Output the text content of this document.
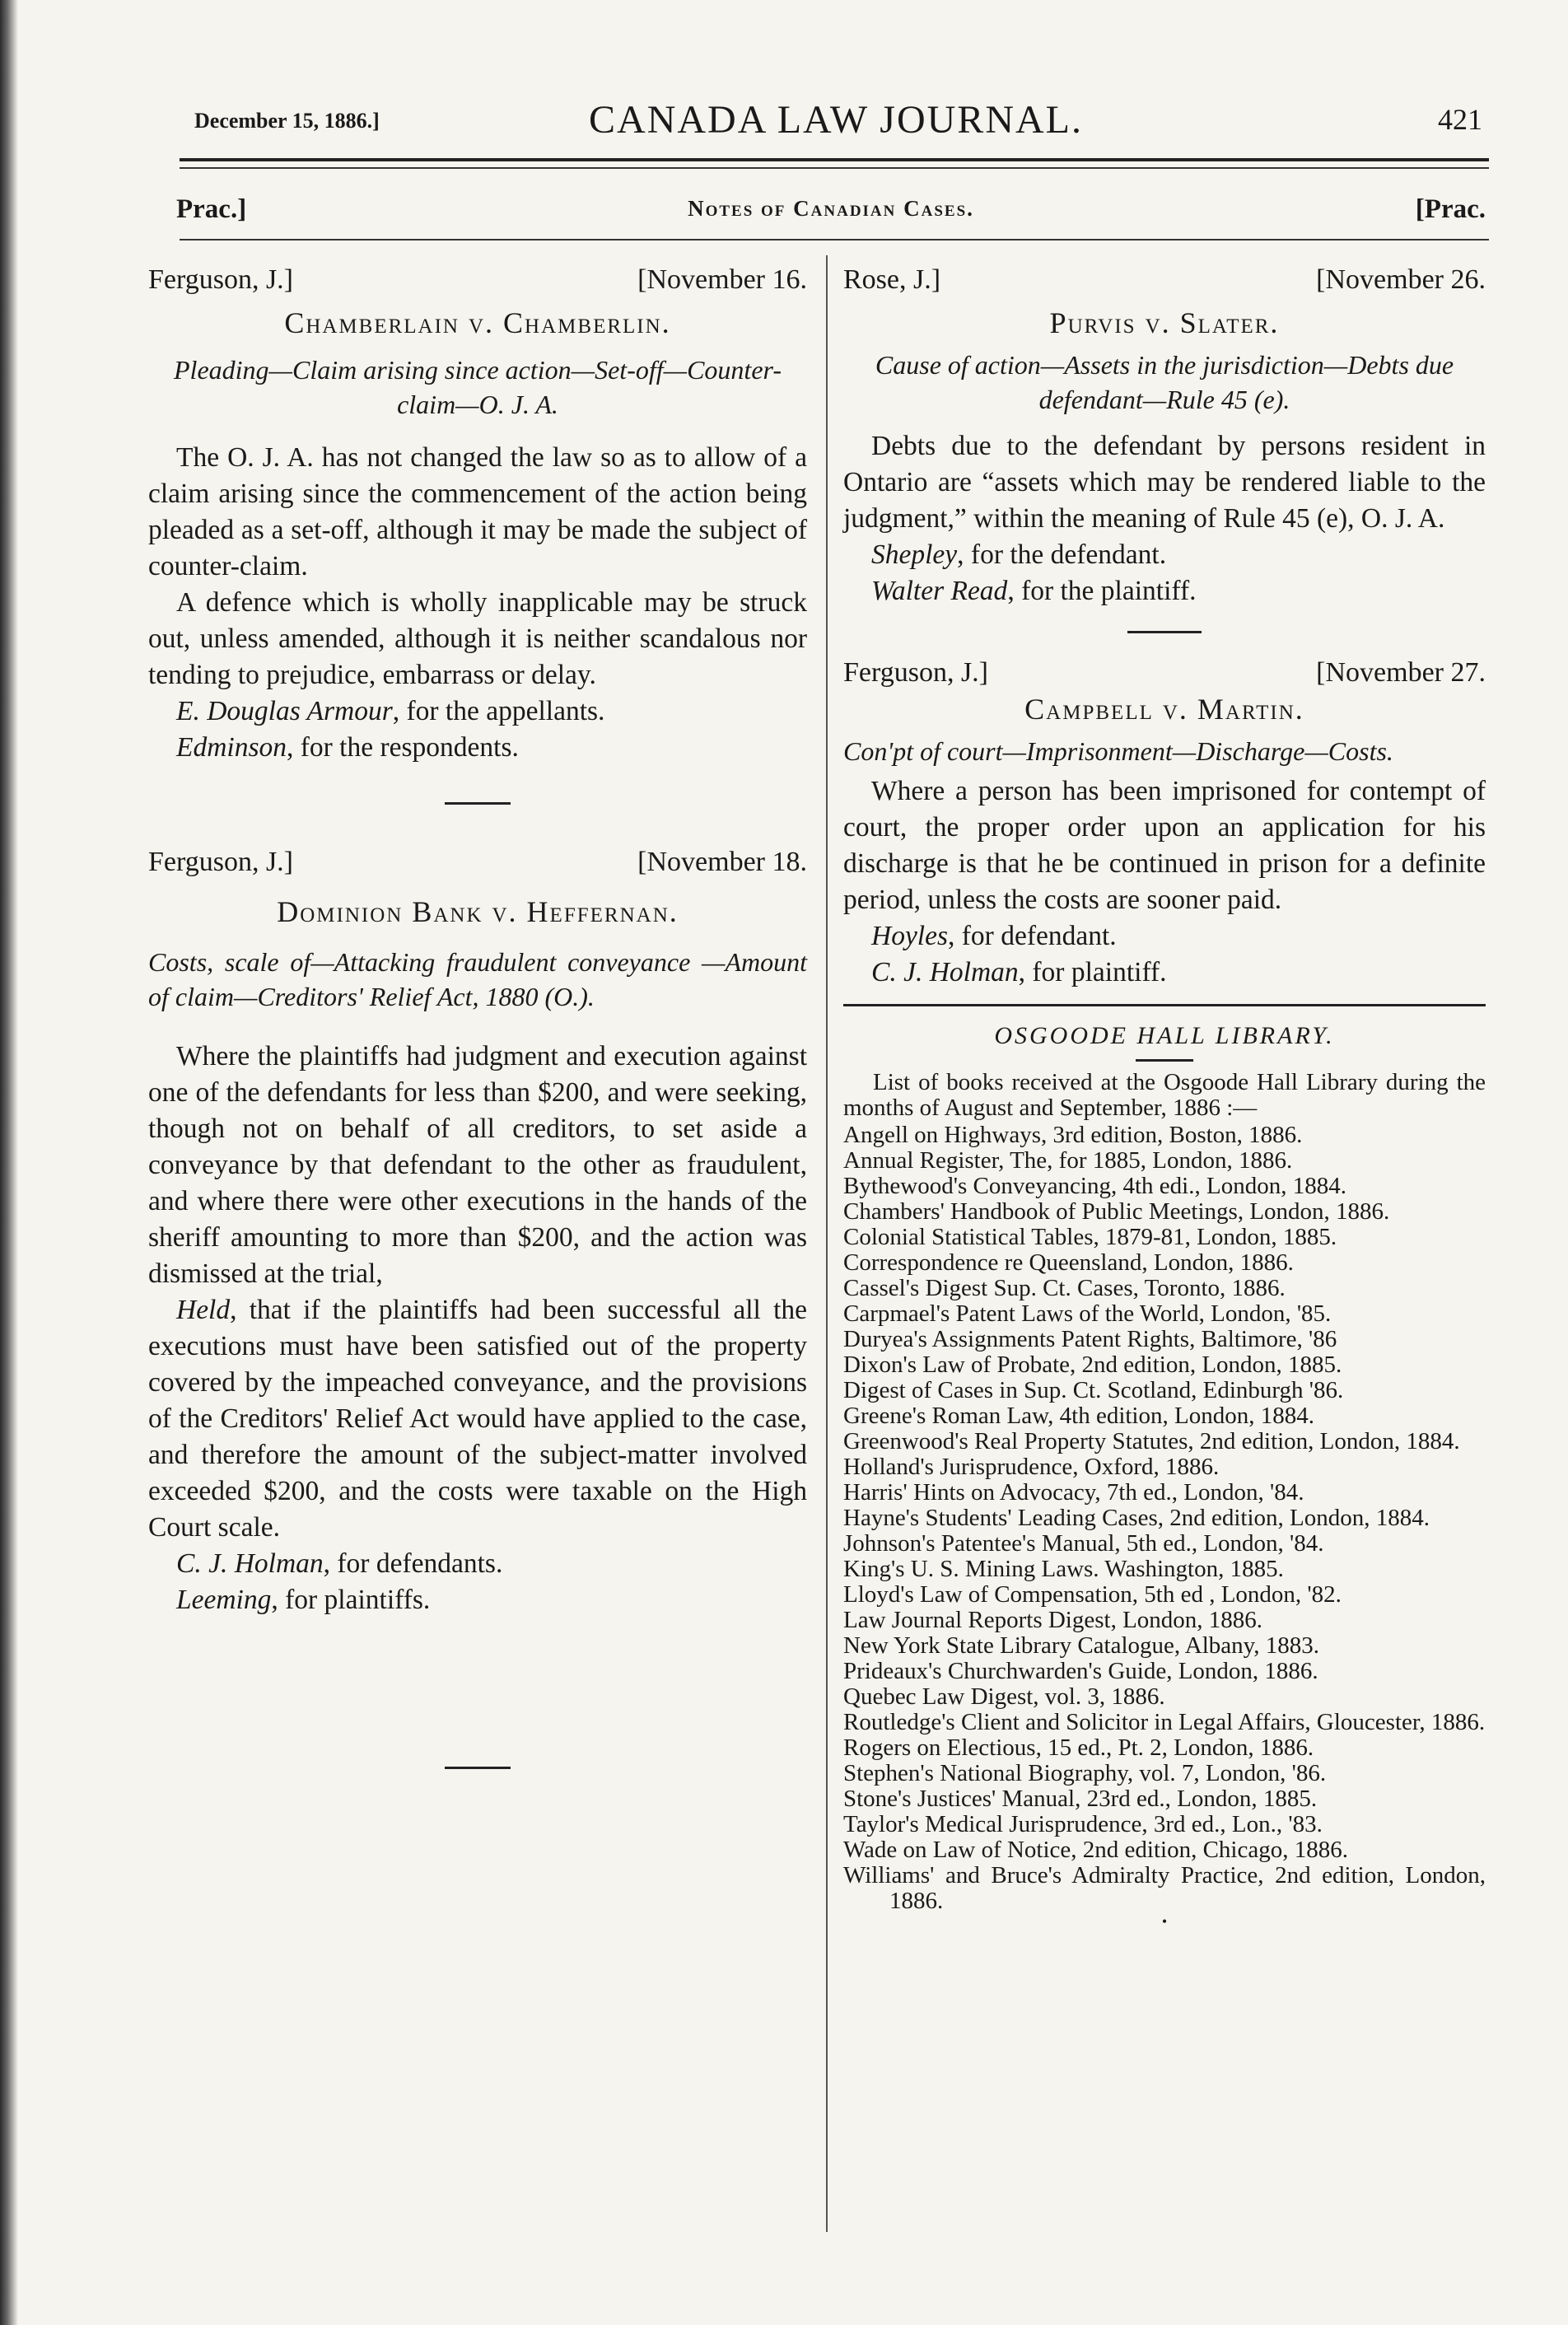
December 15, 1886.]	CANADA LAW JOURNAL.	421
Prac.]	Notes of Canadian Cases.	[Prac.
Ferguson, J.]	[November 16.
Chamberlain v. Chamberlin.
Pleading—Claim arising since action—Set-off—Counter-claim—O. J. A.

The O. J. A. has not changed the law so as to allow of a claim arising since the commencement of the action being pleaded as a set-off, although it may be made the subject of counter-claim.

A defence which is wholly inapplicable may be struck out, unless amended, although it is neither scandalous nor tending to prejudice, embarrass or delay.

E. Douglas Armour, for the appellants.
Edminson, for the respondents.
Ferguson, J.]	[November 18.
Dominion Bank v. Heffernan.
Costs, scale of—Attacking fraudulent conveyance —Amount of claim—Creditors' Relief Act, 1880 (O.).

Where the plaintiffs had judgment and execution against one of the defendants for less than $200, and were seeking, though not on behalf of all creditors, to set aside a conveyance by that defendant to the other as fraudulent, and where there were other executions in the hands of the sheriff amounting to more than $200, and the action was dismissed at the trial,

Held, that if the plaintiffs had been successful all the executions must have been satisfied out of the property covered by the impeached conveyance, and the provisions of the Creditors' Relief Act would have applied to the case, and therefore the amount of the subject-matter involved exceeded $200, and the costs were taxable on the High Court scale.

C. J. Holman, for defendants.
Leeming, for plaintiffs.
Rose, J.]	[November 26.
Purvis v. Slater.
Cause of action—Assets in the jurisdiction—Debts due defendant—Rule 45 (e).

Debts due to the defendant by persons resident in Ontario are “assets which may be rendered liable to the judgment,” within the meaning of Rule 45 (e), O. J. A.

Shepley, for the defendant.
Walter Read, for the plaintiff.
Ferguson, J.]	[November 27.
Campbell v. Martin.
Con'pt of court—Imprisonment—Discharge—Costs.

Where a person has been imprisoned for contempt of court, the proper order upon an application for his discharge is that he be continued in prison for a definite period, unless the costs are sooner paid.

Hoyles, for defendant.
C. J. Holman, for plaintiff.
OSGOODE HALL LIBRARY.

List of books received at the Osgoode Hall Library during the months of August and September, 1886 :—

Angell on Highways, 3rd edition, Boston, 1886.
Annual Register, The, for 1885, London, 1886.
Bythewood's Conveyancing, 4th edi., London, 1884.
Chambers' Handbook of Public Meetings, London, 1886.
Colonial Statistical Tables, 1879-81, London, 1885.
Correspondence re Queensland, London, 1886.
Cassel's Digest Sup. Ct. Cases, Toronto, 1886.
Carpmael's Patent Laws of the World, London, '85.
Duryea's Assignments Patent Rights, Baltimore, '86
Dixon's Law of Probate, 2nd edition, London, 1885.
Digest of Cases in Sup. Ct. Scotland, Edinburgh '86.
Greene's Roman Law, 4th edition, London, 1884.
Greenwood's Real Property Statutes, 2nd edition, London, 1884.
Holland's Jurisprudence, Oxford, 1886.
Harris' Hints on Advocacy, 7th ed., London, '84.
Hayne's Students' Leading Cases, 2nd edition, London, 1884.
Johnson's Patentee's Manual, 5th ed., London, '84.
King's U. S. Mining Laws. Washington, 1885.
Lloyd's Law of Compensation, 5th ed , London, '82.
Law Journal Reports Digest, London, 1886.
New York State Library Catalogue, Albany, 1883.
Prideaux's Churchwarden's Guide, London, 1886.
Quebec Law Digest, vol. 3, 1886.
Routledge's Client and Solicitor in Legal Affairs, Gloucester, 1886.
Rogers on Electious, 15 ed., Pt. 2, London, 1886.
Stephen's National Biography, vol. 7, London, '86.
Stone's Justices' Manual, 23rd ed., London, 1885.
Taylor's Medical Jurisprudence, 3rd ed., Lon., '83.
Wade on Law of Notice, 2nd edition, Chicago, 1886.
Williams' and Bruce's Admiralty Practice, 2nd edition, London, 1886.
•
